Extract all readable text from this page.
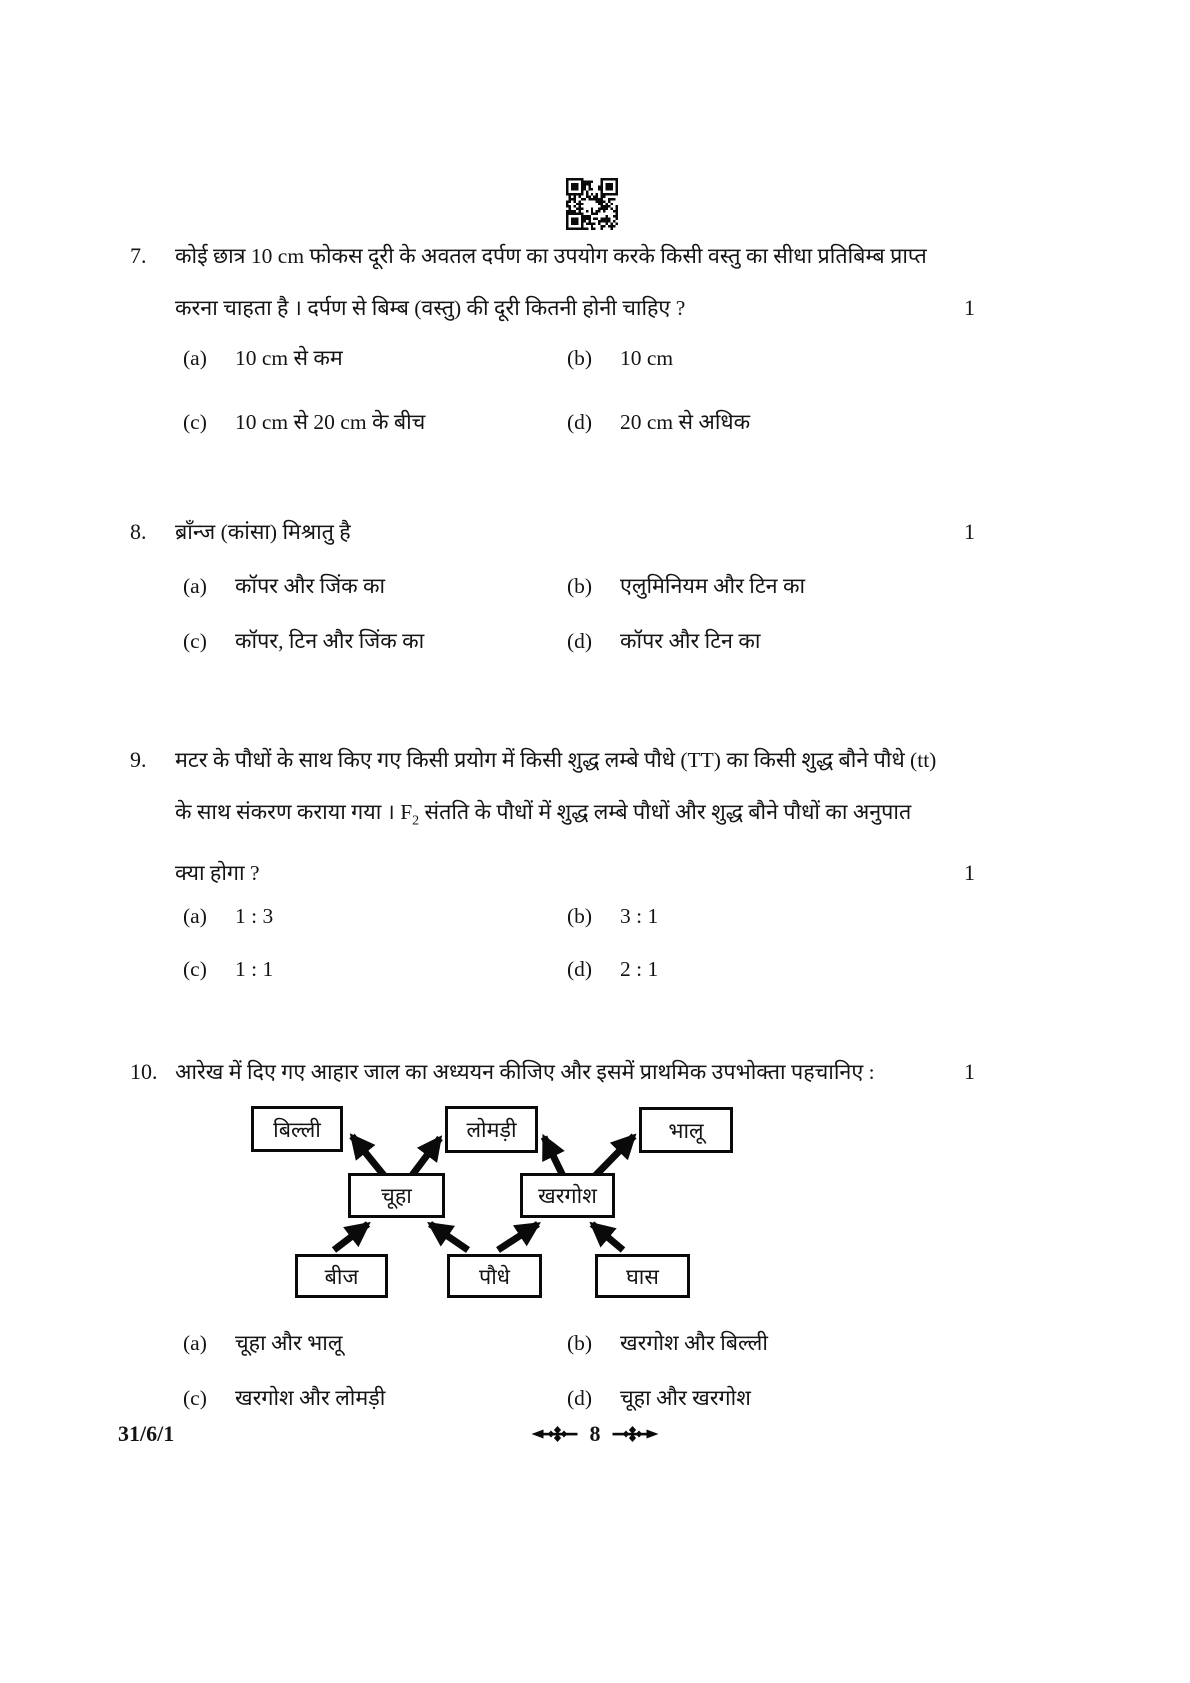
7. कोई छात्र 10 cm फोकस दूरी के अवतल दर्पण का उपयोग करके किसी वस्तु का सीधा प्रतिबिम्ब प्राप्त
करना चाहता है । दर्पण से बिम्ब (वस्तु) की दूरी कितनी होनी चाहिए ?	1
(a) 10 cm से कम	(b) 10 cm
(c) 10 cm से 20 cm के बीच	(d) 20 cm से अधिक
8. ब्राँन्ज (कांसा) मिश्रातु है	1
(a) कॉपर और जिंक का	(b) एलुमिनियम और टिन का
(c) कॉपर, टिन और जिंक का	(d) कॉपर और टिन का
9. मटर के पौधों के साथ किए गए किसी प्रयोग में किसी शुद्ध लम्बे पौधे (TT) का किसी शुद्ध बौने पौधे (tt)
के साथ संकरण कराया गया । $F_2$ संतति के पौधों में शुद्ध लम्बे पौधों और शुद्ध बौने पौधों का अनुपात
क्या होगा ?	1
(a) 1 : 3	(b) 3 : 1
(c) 1 : 1	(d) 2 : 1
10. आरेख में दिए गए आहार जाल का अध्ययन कीजिए और इसमें प्राथमिक उपभोक्ता पहचानिए :	1
बिल्ली	लोमड़ी	भालू
चूहा	खरगोश
बीज	पौधे	घास
(a) चूहा और भालू	(b) खरगोश और बिल्ली
(c) खरगोश और लोमड़ी	(d) चूहा और खरगोश
31/6/1	8
